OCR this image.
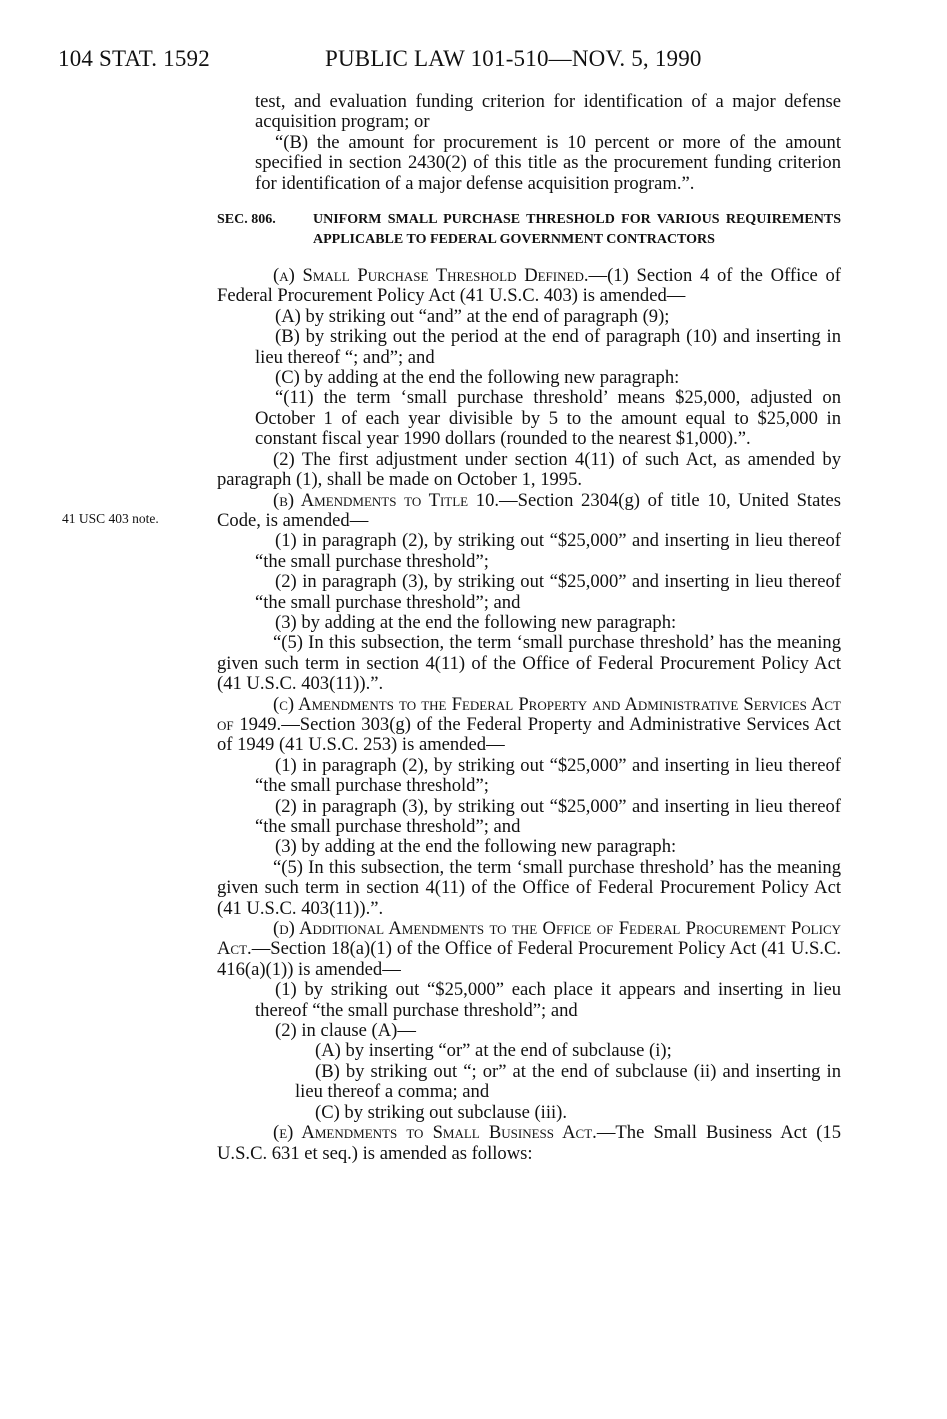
104 STAT. 1592	PUBLIC LAW 101-510—NOV. 5, 1990
41 USC 403 note.

test, and evaluation funding criterion for identification of a major defense acquisition program; or

“(B) the amount for procurement is 10 percent or more of the amount specified in section 2430(2) of this title as the procurement funding criterion for identification of a major defense acquisition program.”.

SEC. 806.	UNIFORM SMALL PURCHASE THRESHOLD FOR VARIOUS REQUIREMENTS APPLICABLE TO FEDERAL GOVERNMENT CONTRACTORS

(a) Small Purchase Threshold Defined.—(1) Section 4 of the Office of Federal Procurement Policy Act (41 U.S.C. 403) is amended—

(A) by striking out “and” at the end of paragraph (9);

(B) by striking out the period at the end of paragraph (10) and inserting in lieu thereof “; and”; and

(C) by adding at the end the following new paragraph:

“(11) the term ‘small purchase threshold’ means $25,000, adjusted on October 1 of each year divisible by 5 to the amount equal to $25,000 in constant fiscal year 1990 dollars (rounded to the nearest $1,000).”.

(2) The first adjustment under section 4(11) of such Act, as amended by paragraph (1), shall be made on October 1, 1995.

(b) Amendments to Title 10.—Section 2304(g) of title 10, United States Code, is amended—

(1) in paragraph (2), by striking out “$25,000” and inserting in lieu thereof “the small purchase threshold”;

(2) in paragraph (3), by striking out “$25,000” and inserting in lieu thereof “the small purchase threshold”; and

(3) by adding at the end the following new paragraph:

“(5) In this subsection, the term ‘small purchase threshold’ has the meaning given such term in section 4(11) of the Office of Federal Procurement Policy Act (41 U.S.C. 403(11)).”.

(c) Amendments to the Federal Property and Administrative Services Act of 1949.—Section 303(g) of the Federal Property and Administrative Services Act of 1949 (41 U.S.C. 253) is amended—

(1) in paragraph (2), by striking out “$25,000” and inserting in lieu thereof “the small purchase threshold”;

(2) in paragraph (3), by striking out “$25,000” and inserting in lieu thereof “the small purchase threshold”; and

(3) by adding at the end the following new paragraph:

“(5) In this subsection, the term ‘small purchase threshold’ has the meaning given such term in section 4(11) of the Office of Federal Procurement Policy Act (41 U.S.C. 403(11)).”.

(d) Additional Amendments to the Office of Federal Procurement Policy Act.—Section 18(a)(1) of the Office of Federal Procurement Policy Act (41 U.S.C. 416(a)(1)) is amended—

(1) by striking out “$25,000” each place it appears and inserting in lieu thereof “the small purchase threshold”; and

(2) in clause (A)—

(A) by inserting “or” at the end of subclause (i);

(B) by striking out “; or” at the end of subclause (ii) and inserting in lieu thereof a comma; and

(C) by striking out subclause (iii).

(e) Amendments to Small Business Act.—The Small Business Act (15 U.S.C. 631 et seq.) is amended as follows:
